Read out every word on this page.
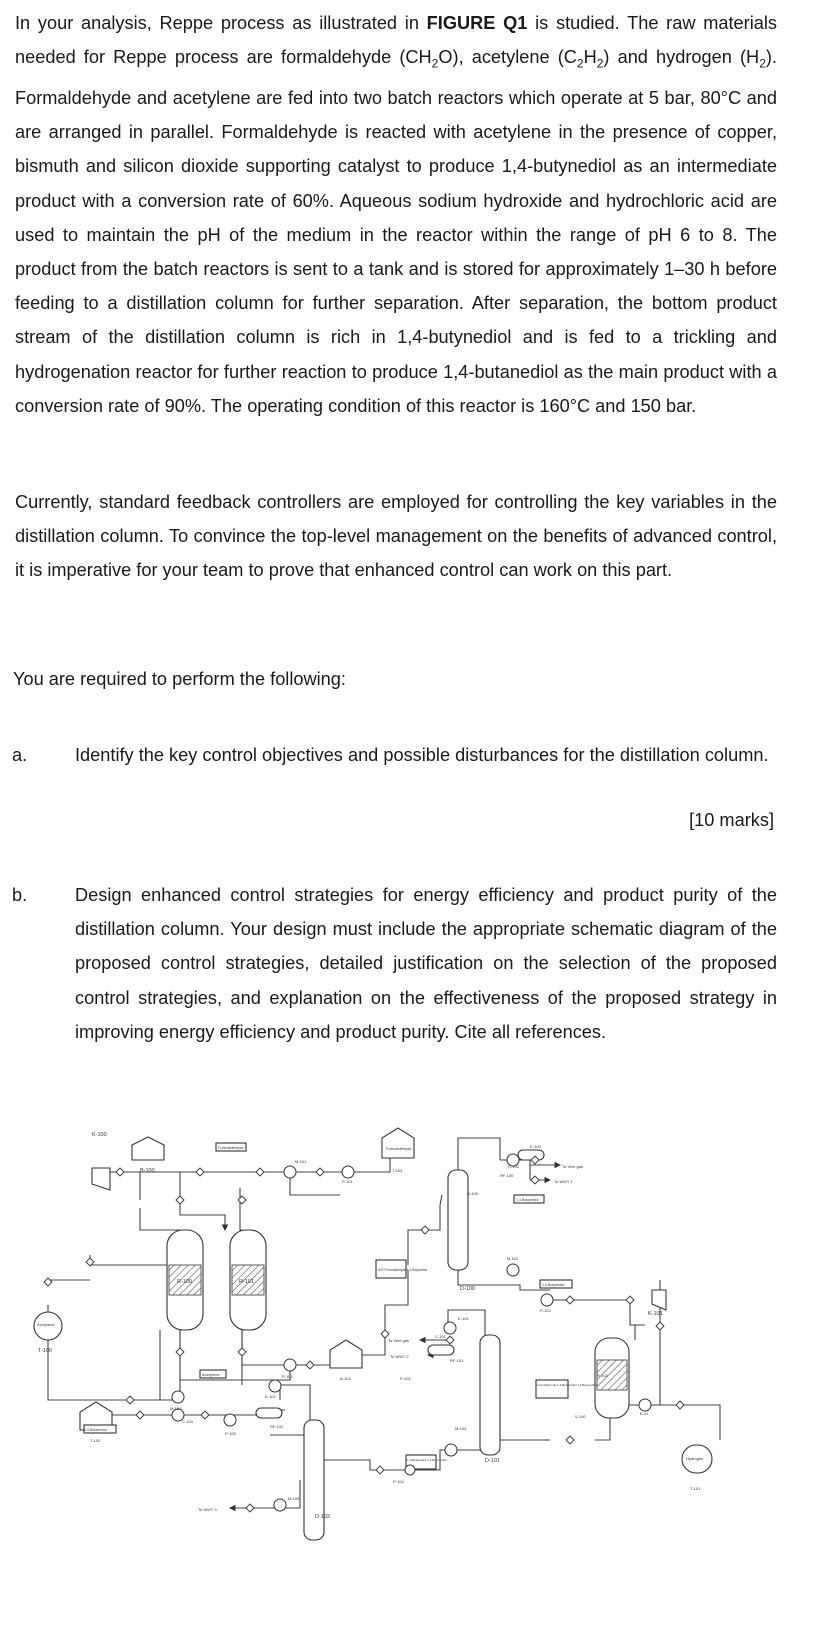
In your analysis, Reppe process as illustrated in FIGURE Q1 is studied. The raw materials needed for Reppe process are formaldehyde $(CH_2O)$, acetylene $(C_2H_2)$ and hydrogen $(H_2)$. Formaldehyde and acetylene are fed into two batch reactors which operate at 5 bar, 80°C and are arranged in parallel. Formaldehyde is reacted with acetylene in the presence of copper, bismuth and silicon dioxide supporting catalyst to produce 1,4-butynediol as an intermediate product with a conversion rate of 60%. Aqueous sodium hydroxide and hydrochloric acid are used to maintain the pH of the medium in the reactor within the range of pH 6 to 8. The product from the batch reactors is sent to a tank and is stored for approximately 1–30 h before feeding to a distillation column for further separation. After separation, the bottom product stream of the distillation column is rich in 1,4-butynediol and is fed to a trickling and hydrogenation reactor for further reaction to produce 1,4-butanediol as the main product with a conversion rate of 90%. The operating condition of this reactor is 160°C and 150 bar.

Currently, standard feedback controllers are employed for controlling the key variables in the distillation column. To convince the top-level management on the benefits of advanced control, it is imperative for your team to prove that enhanced control can work on this part.

You are required to perform the following:

a.	Identify the key control objectives and possible disturbances for the distillation column.

[10 marks]
b.	Design enhanced control strategies for energy efficiency and product purity of the distillation column. Your design must include the appropriate schematic diagram of the proposed control strategies, detailed justification on the selection of the proposed control strategies, and explanation on the effectiveness of the proposed strategy in improving energy efficiency and product purity. Cite all references.

K-100
B-100
R-100	R-101
Formaldehyde	Formaldehyde
T-103
P-101
M-101
T-100
Acetylene
Acetylene
M-100
P-102	B-101	P-102
H2O Formaldehyde 1,4-Butynediol
D-100
D-100
E-100
C-100	To Vent gas
To WWT 1
RF-100
1,4-Butynediol
M-102
1,4-Butynediol
P-103
K-101
R-102
Hydrogen
T-101
E-41
V-100
Formaldehyde 1,4-Butanediol 1,4-Butynediol
To Vent gas
To WWT 2
E-101
C-101
RF-101
D-101
M-104
1,4-Butanediol 1,4-Butynediol
P-104
1,4-Butanediol
T-102
C-104
P-105
E-102
RF-102
M-105
D-102
To WWT 3
